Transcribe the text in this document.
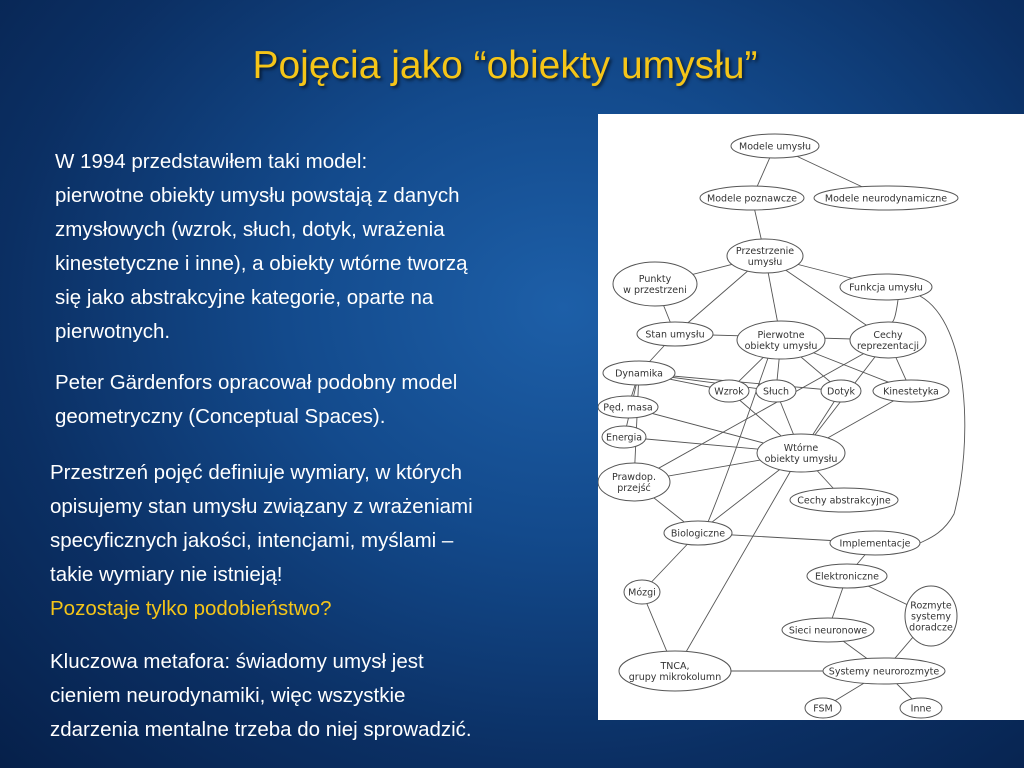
Pojęcia jako “obiekty umysłu”
W 1994 przedstawiłem taki model:
pierwotne obiekty umysłu powstają z danych
zmysłowych (wzrok, słuch, dotyk, wrażenia
kinestetyczne i inne), a obiekty wtórne tworzą
się jako abstrakcyjne kategorie, oparte na
pierwotnych.
Peter Gärdenfors opracował podobny model
geometryczny (Conceptual Spaces).
Przestrzeń pojęć definiuje wymiary, w których
opisujemy stan umysłu związany z wrażeniami
specyficznych jakości, intencjami, myślami –
takie wymiary nie istnieją!
Pozostaje tylko podobieństwo?
Kluczowa metafora: świadomy umysł jest
cieniem neurodynamiki, więc wszystkie
zdarzenia mentalne trzeba do niej sprowadzić.
Modele umysłu
Modele poznawcze	Modele neurodynamiczne
Przestrzenie
umysłu
Punkty
w przestrzeni	Funkcja umysłu
Stan umysłu	Pierwotne
obiekty umysłu
Cechy
reprezentacji
Dynamika
Wzrok Słuch	Dotyk	Kinestetyka
Pęd, masa
Energia
Wtórne
obiekty umysłu
Prawdop.
przejść
Cechy abstrakcyjne
Biologiczne
Implementacje
Elektroniczne
Mózgi
Rozmyte
systemy
doradcze
Sieci neuronowe
TNCA,
grupy mikrokolumn	Systemy neurorozmyte
FSM	Inne
